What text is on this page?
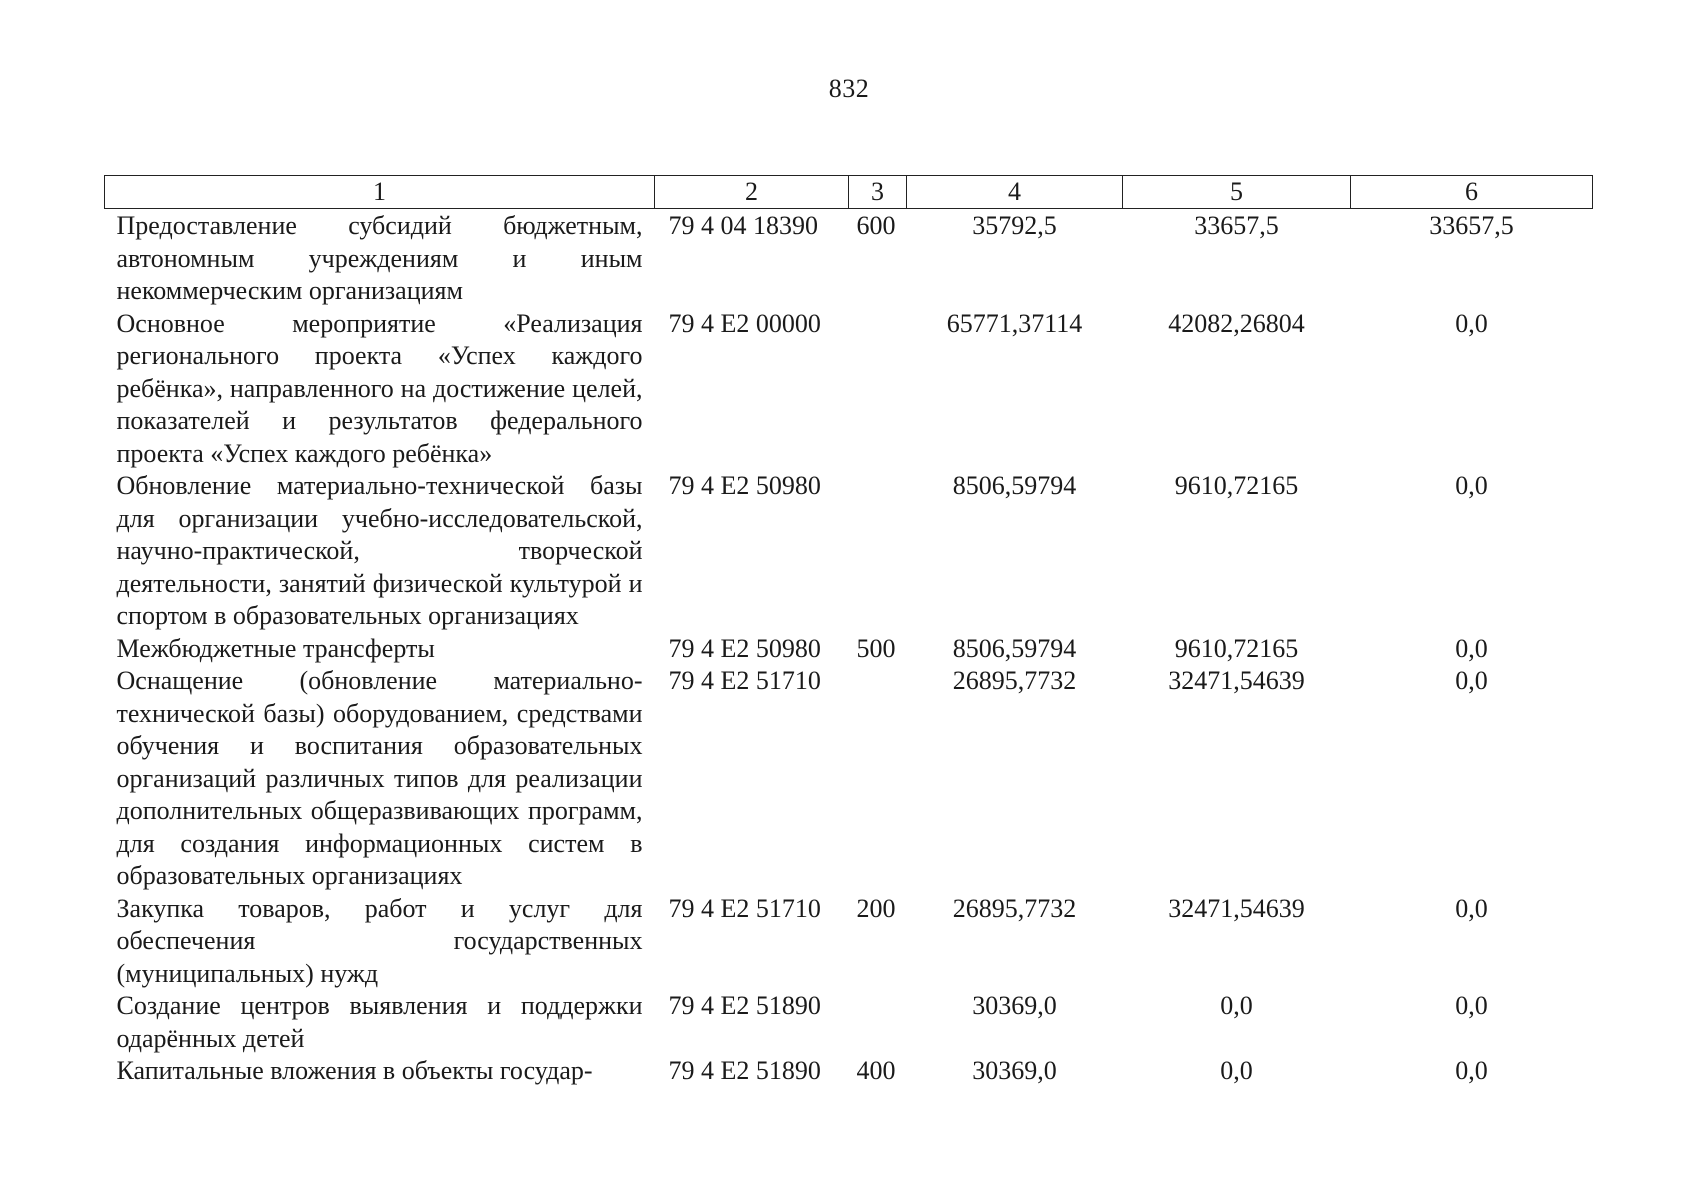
832
1	2	3	4	5	6
Предоставление субсидий бюджетным, автономным учреждениям и иным некоммерческим организациям	79 4 04 18390	600	35792,5	33657,5	33657,5
Основное мероприятие «Реализация регионального проекта «Успех каждого ребёнка», направленного на достижение целей, показателей и результатов федерального проекта «Успех каждого ребёнка»	79 4 E2 00000		65771,37114	42082,26804	0,0
Обновление материально-технической базы для организации учебно-исследовательской, научно-практической, творческой деятельности, занятий физической культурой и спортом в образовательных организациях	79 4 E2 50980		8506,59794	9610,72165	0,0
Межбюджетные трансферты	79 4 E2 50980	500	8506,59794	9610,72165	0,0
Оснащение (обновление материально-технической базы) оборудованием, средствами обучения и воспитания образовательных организаций различных типов для реализации дополнительных общеразвивающих программ, для создания информационных систем в образовательных организациях	79 4 E2 51710		26895,7732	32471,54639	0,0
Закупка товаров, работ и услуг для обеспечения государственных (муниципальных) нужд	79 4 E2 51710	200	26895,7732	32471,54639	0,0
Создание центров выявления и поддержки одарённых детей	79 4 E2 51890		30369,0	0,0	0,0
Капитальные вложения в объекты государ-	79 4 E2 51890	400	30369,0	0,0	0,0
